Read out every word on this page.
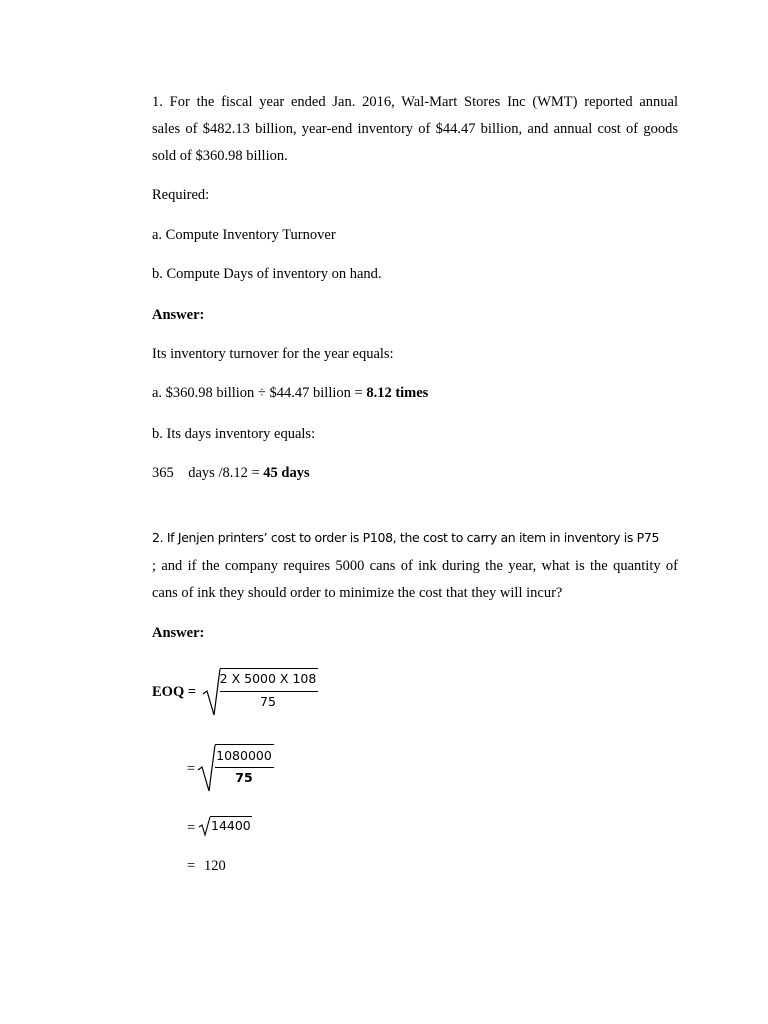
1. For the fiscal year ended Jan. 2016, Wal-Mart Stores Inc (WMT) reported annual
sales of $482.13 billion, year-end inventory of $44.47 billion, and annual cost of goods
sold of $360.98 billion.
Required:
a. Compute Inventory Turnover
b. Compute Days of inventory on hand.
Answer:
Its inventory turnover for the year equals:
a. $360.98 billion ÷ $44.47 billion = 8.12 times
b. Its days inventory equals:
365    days /8.12 = 45 days
2. If Jenjen printers’ cost to order is P108, the cost to carry an item in inventory is P75
; and if the company requires 5000 cans of ink during the year, what is the quantity of
cans of ink they should order to minimize the cost that they will incur?
Answer:
EOQ =
2 X 5000 X 108
75
=
1080000
75
= 14400
= 120
